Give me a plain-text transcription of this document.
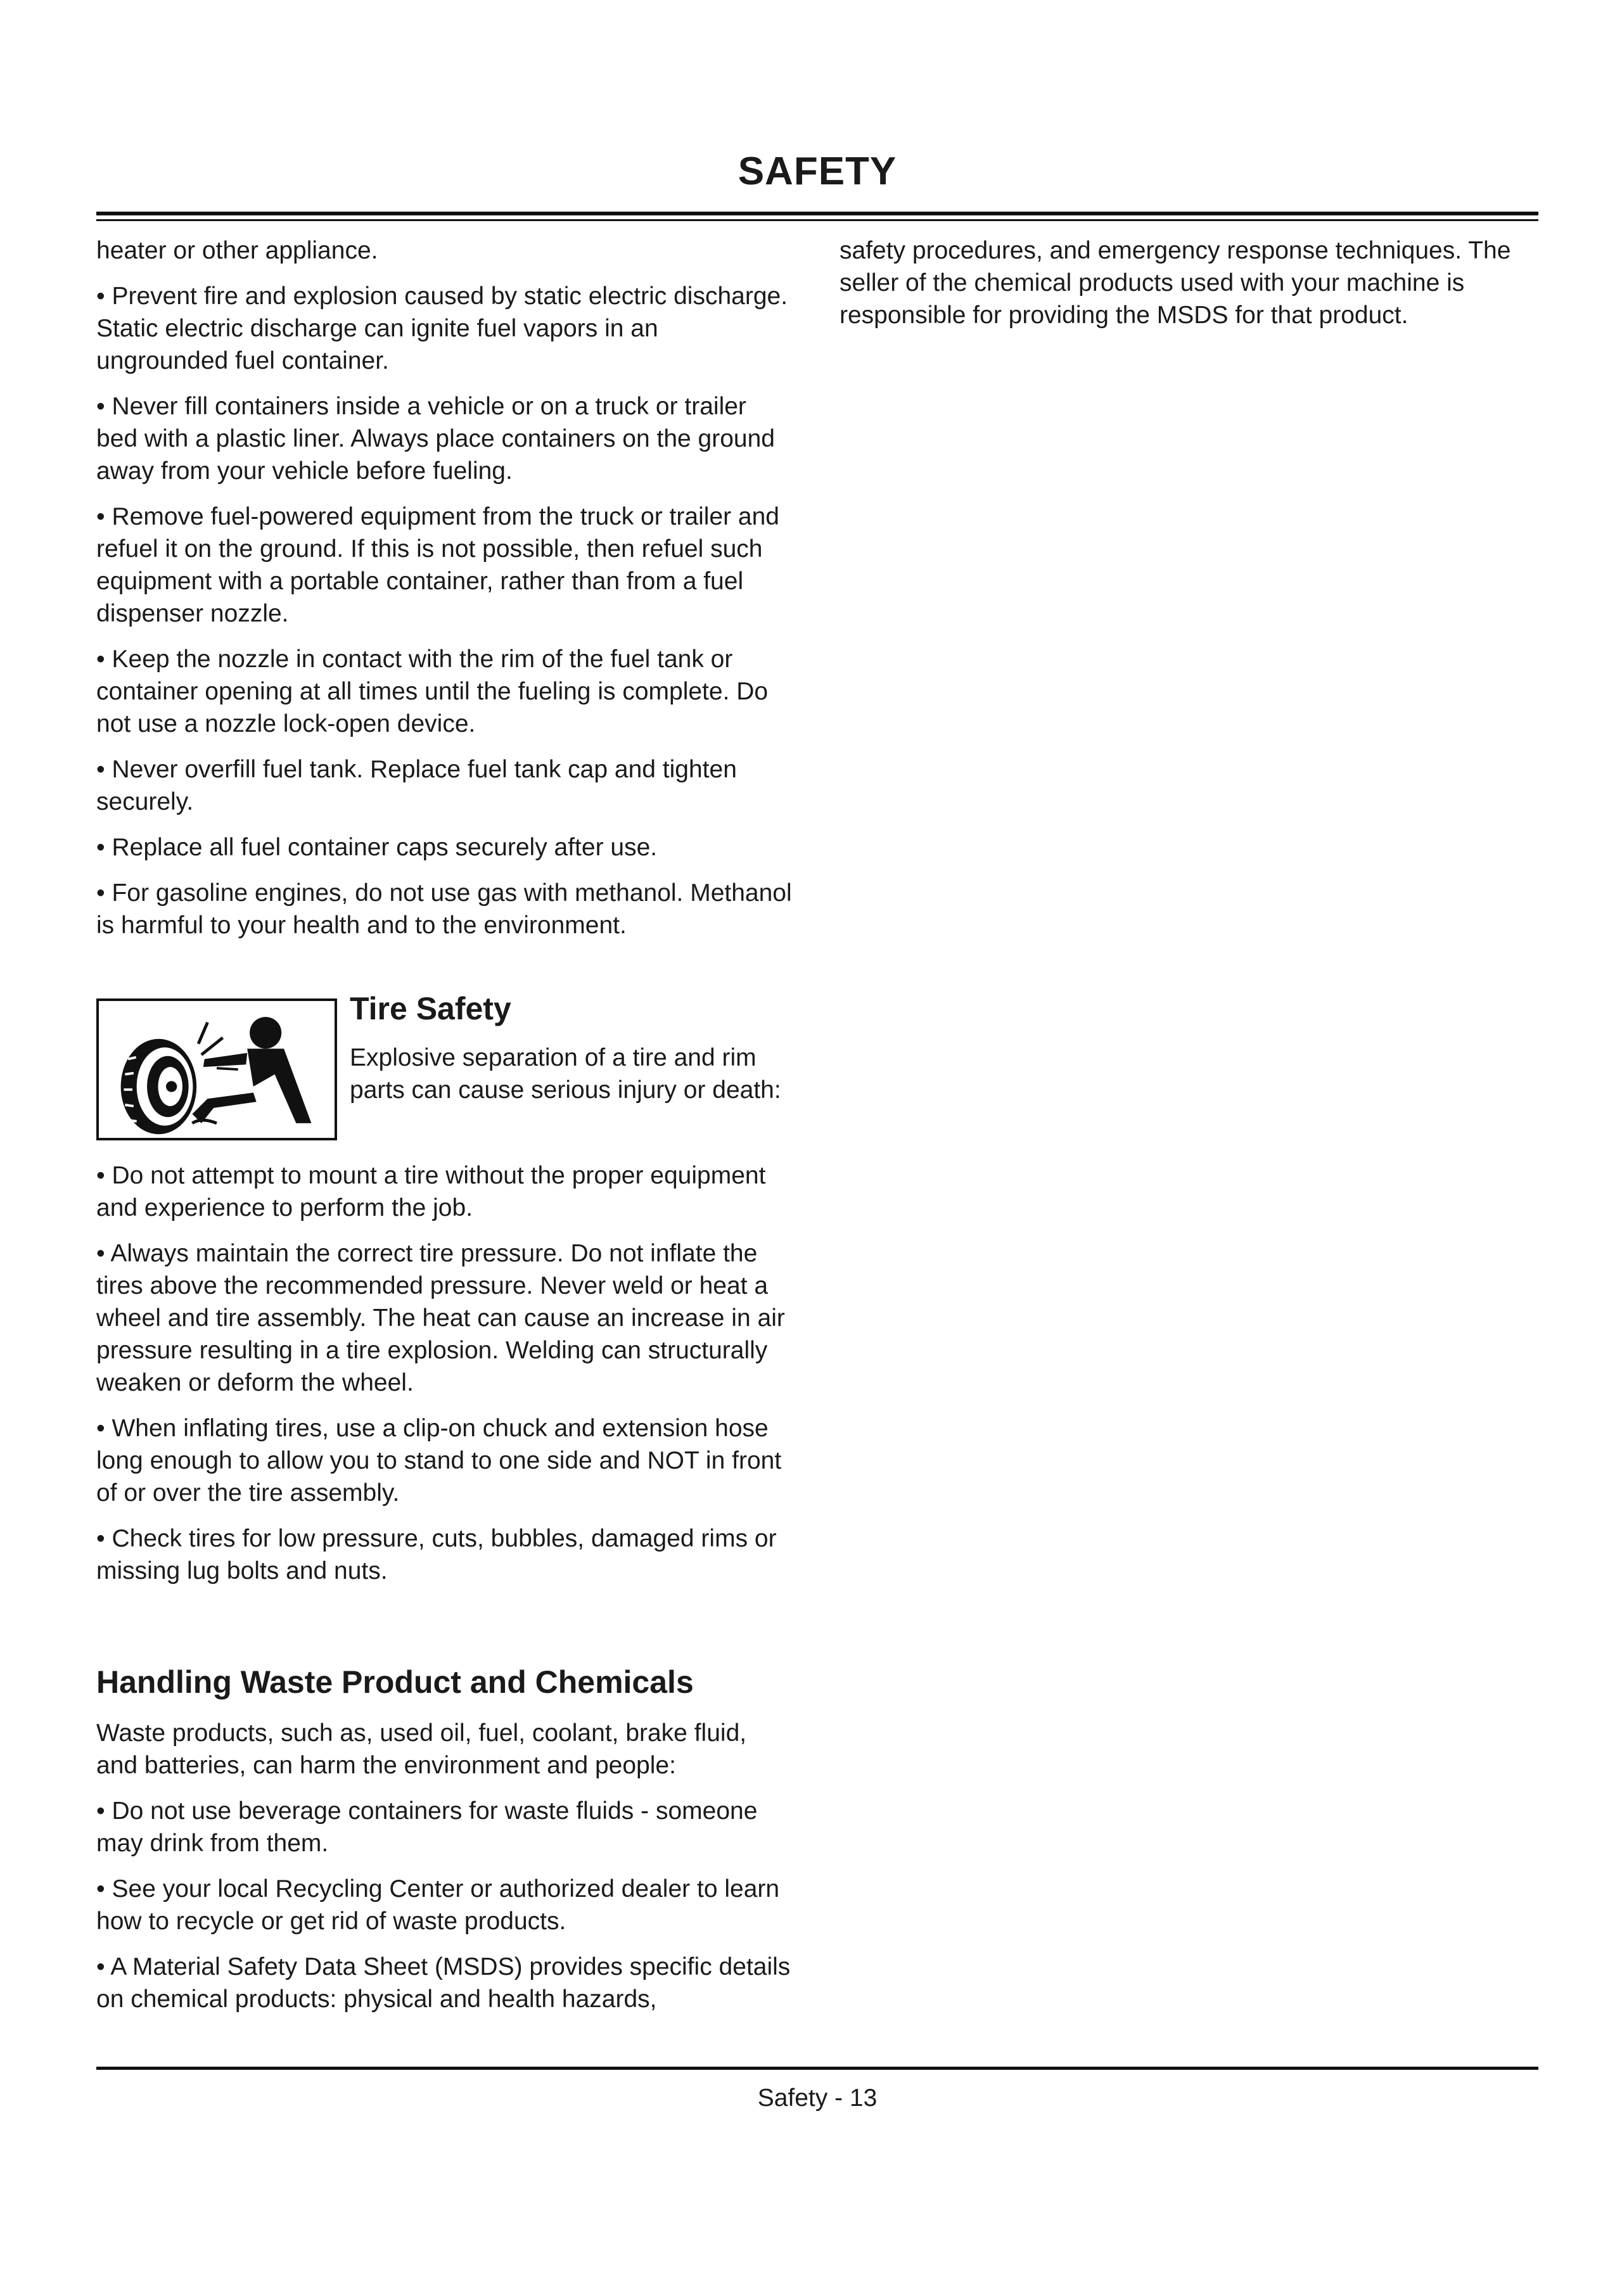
SAFETY

heater or other appliance.

• Prevent fire and explosion caused by static electric discharge. Static electric discharge can ignite fuel vapors in an ungrounded fuel container.

• Never fill containers inside a vehicle or on a truck or trailer bed with a plastic liner. Always place containers on the ground away from your vehicle before fueling.

• Remove fuel-powered equipment from the truck or trailer and refuel it on the ground. If this is not possible, then refuel such equipment with a portable container, rather than from a fuel dispenser nozzle.

• Keep the nozzle in contact with the rim of the fuel tank or container opening at all times until the fueling is complete. Do not use a nozzle lock-open device.

• Never overfill fuel tank. Replace fuel tank cap and tighten securely.

• Replace all fuel container caps securely after use.

• For gasoline engines, do not use gas with methanol. Methanol is harmful to your health and to the environment.

Tire Safety

Explosive separation of a tire and rim parts can cause serious injury or death:

• Do not attempt to mount a tire without the proper equipment and experience to perform the job.

• Always maintain the correct tire pressure. Do not inflate the tires above the recommended pressure. Never weld or heat a wheel and tire assembly. The heat can cause an increase in air pressure resulting in a tire explosion. Welding can structurally weaken or deform the wheel.

• When inflating tires, use a clip-on chuck and extension hose long enough to allow you to stand to one side and NOT in front of or over the tire assembly.

• Check tires for low pressure, cuts, bubbles, damaged rims or missing lug bolts and nuts.

Handling Waste Product and Chemicals

Waste products, such as, used oil, fuel, coolant, brake fluid, and batteries, can harm the environment and people:

• Do not use beverage containers for waste fluids - someone may drink from them.

• See your local Recycling Center or authorized dealer to learn how to recycle or get rid of waste products.

• A Material Safety Data Sheet (MSDS) provides specific details on chemical products: physical and health hazards,

safety procedures, and emergency response techniques. The seller of the chemical products used with your machine is responsible for providing the MSDS for that product.

Safety - 13
